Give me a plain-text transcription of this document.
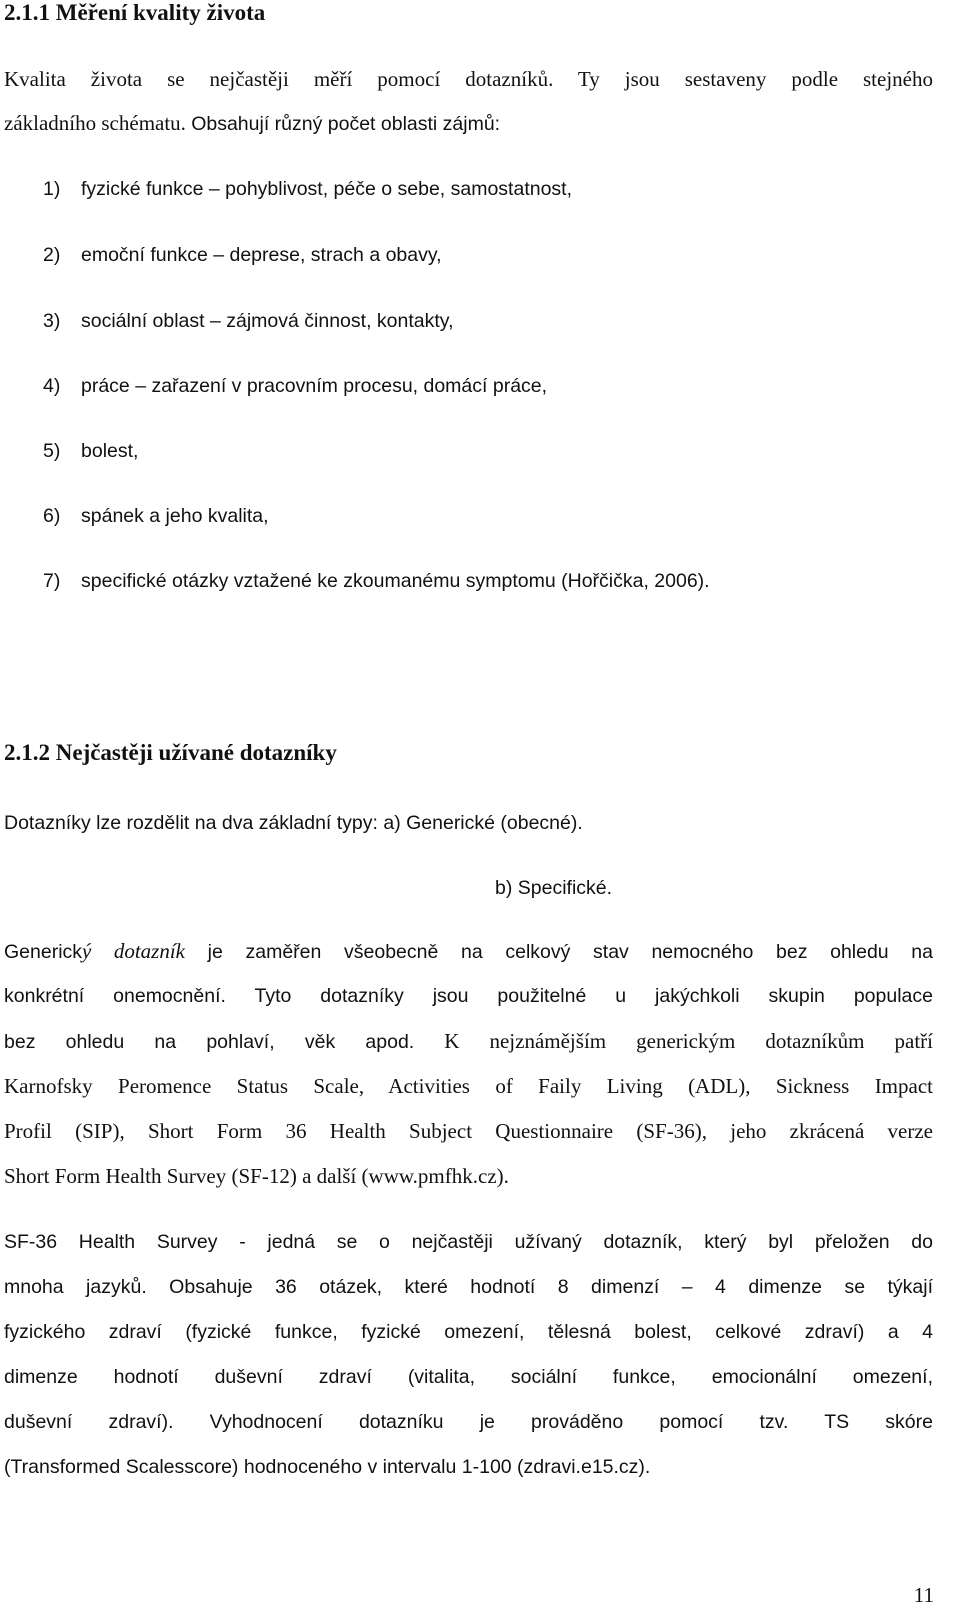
2.1.1 Měření kvality života

Kvalita života se nejčastěji měří pomocí dotazníků. Ty jsou sestaveny podle stejného

základního schématu. Obsahují různý počet oblasti zájmů:

1) fyzické funkce – pohyblivost, péče o sebe, samostatnost,

2) emoční funkce – deprese, strach a obavy,

3) sociální oblast – zájmová činnost, kontakty,

4) práce – zařazení v pracovním procesu, domácí práce,

5) bolest,

6) spánek a jeho kvalita,

7) specifické otázky vztažené ke zkoumanému symptomu (Hořčička, 2006).

2.1.2 Nejčastěji užívané dotazníky

Dotazníky lze rozdělit na dva základní typy: a) Generické (obecné).

b) Specifické.

Generický dotazník je zaměřen všeobecně na celkový stav nemocného bez ohledu na

konkrétní onemocnění. Tyto dotazníky jsou použitelné u jakýchkoli skupin populace

bez ohledu na pohlaví, věk apod. K nejznámějším generickým dotazníkům patří

Karnofsky Peromence Status Scale, Activities of Faily Living (ADL), Sickness Impact

Profil (SIP), Short Form 36 Health Subject Questionnaire (SF-36), jeho zkrácená verze

Short Form Health Survey (SF-12) a další (www.pmfhk.cz).

SF-36 Health Survey - jedná se o nejčastěji užívaný dotazník, který byl přeložen do

mnoha jazyků. Obsahuje 36 otázek, které hodnotí 8 dimenzí – 4 dimenze se týkají

fyzického zdraví (fyzické funkce, fyzické omezení, tělesná bolest, celkové zdraví) a 4

dimenze hodnotí duševní zdraví (vitalita, sociální funkce, emocionální omezení,

duševní zdraví). Vyhodnocení dotazníku je prováděno pomocí tzv. TS skóre

(Transformed Scalesscore) hodnoceného v intervalu 1-100 (zdravi.e15.cz).

11
